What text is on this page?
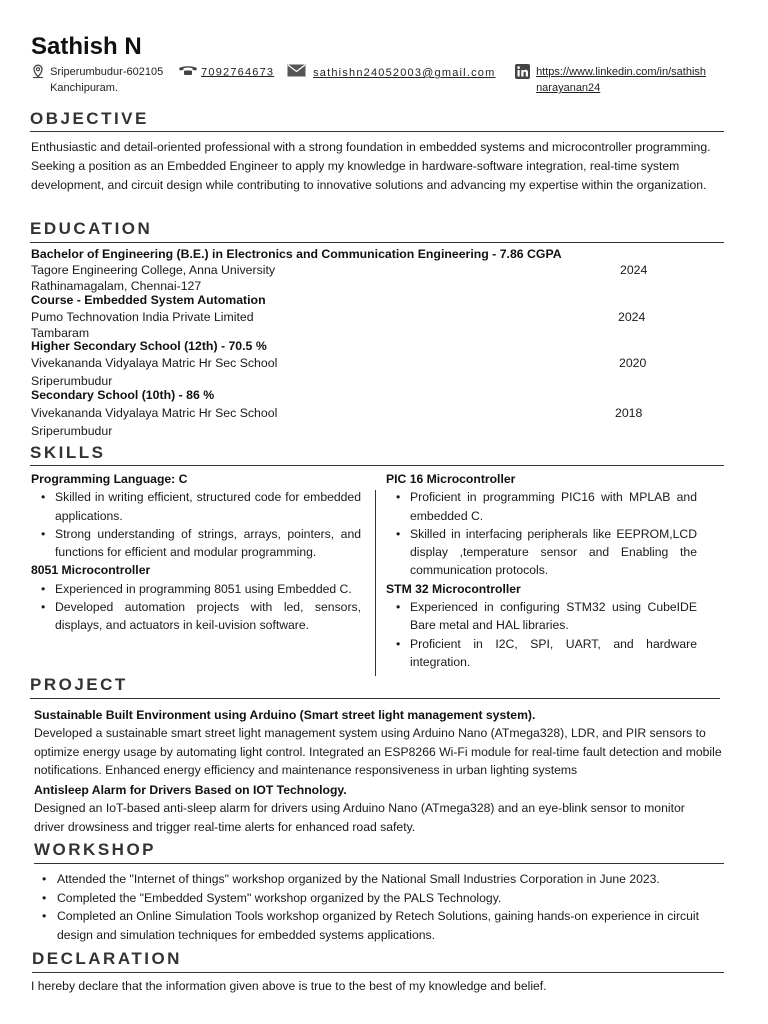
Sathish N
Sriperumbudur-602105
Kanchipuram.
7092764673	sathishn24052003@gmail.com	https://www.linkedin.com/in/sathish narayanan24
OBJECTIVE
Enthusiastic and detail-oriented professional with a strong foundation in embedded systems and microcontroller programming. Seeking a position as an Embedded Engineer to apply my knowledge in hardware-software integration, real-time system development, and circuit design while contributing to innovative solutions and advancing my expertise within the organization.
EDUCATION
Bachelor of Engineering (B.E.) in Electronics and Communication Engineering - 7.86 CGPA
Tagore Engineering College, Anna University	2024
Rathinamagalam, Chennai-127
Course - Embedded System Automation
Pumo Technovation India Private Limited	2024
Tambaram
Higher Secondary School (12th) - 70.5 %
Vivekananda Vidyalaya Matric Hr Sec School	2020
Sriperumbudur
Secondary School (10th) - 86 %
Vivekananda Vidyalaya Matric Hr Sec School	2018
Sriperumbudur
SKILLS
Programming Language: C
• Skilled in writing efficient, structured code for embedded applications.
• Strong understanding of strings, arrays, pointers, and functions for efficient and modular programming.
8051 Microcontroller
• Experienced in programming 8051 using Embedded C.
• Developed automation projects with led, sensors, displays, and actuators in keil-uvision software.
PIC 16 Microcontroller
• Proficient in programming PIC16 with MPLAB and embedded C.
• Skilled in interfacing peripherals like EEPROM,LCD display ,temperature sensor and Enabling the communication protocols.
STM 32 Microcontroller
• Experienced in configuring STM32 using CubeIDE Bare metal and HAL libraries.
• Proficient in I2C, SPI, UART, and hardware integration.
PROJECT
Sustainable Built Environment using Arduino (Smart street light management system).
Developed a sustainable smart street light management system using Arduino Nano (ATmega328), LDR, and PIR sensors to optimize energy usage by automating light control. Integrated an ESP8266 Wi-Fi module for real-time fault detection and mobile notifications. Enhanced energy efficiency and maintenance responsiveness in urban lighting systems
Antisleep Alarm for Drivers Based on IOT Technology.
Designed an IoT-based anti-sleep alarm for drivers using Arduino Nano (ATmega328) and an eye-blink sensor to monitor driver drowsiness and trigger real-time alerts for enhanced road safety.
WORKSHOP
• Attended the "Internet of things" workshop organized by the National Small Industries Corporation in June 2023.
• Completed the "Embedded System" workshop organized by the PALS Technology.
• Completed an Online Simulation Tools workshop organized by Retech Solutions, gaining hands-on experience in circuit design and simulation techniques for embedded systems applications.
DECLARATION
I hereby declare that the information given above is true to the best of my knowledge and belief.
